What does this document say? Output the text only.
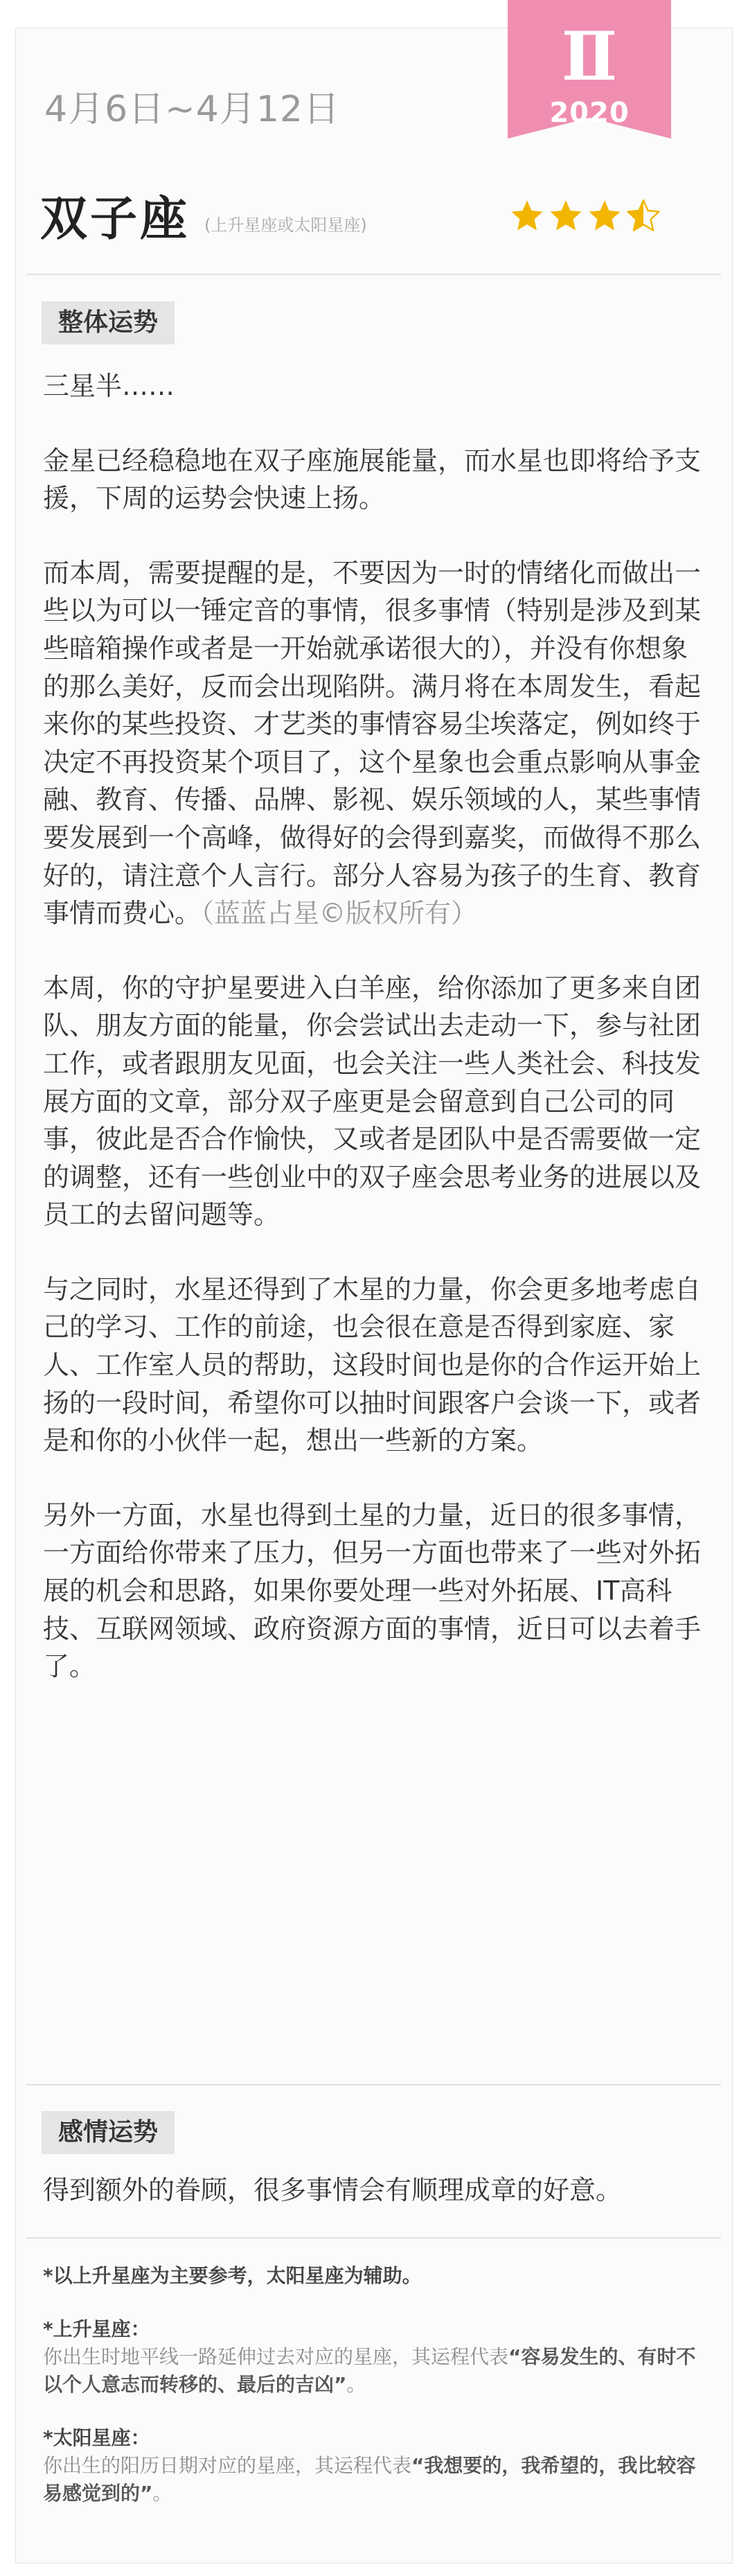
Ⅱ
2020
4月6日~4月12日
双子座 (上升星座或太阳星座)
整体运势

三星半……

金星已经稳稳地在双子座施展能量，而水星也即将给予支援，下周的运势会快速上扬。

而本周，需要提醒的是，不要因为一时的情绪化而做出一些以为可以一锤定音的事情，很多事情（特别是涉及到某些暗箱操作或者是一开始就承诺很大的），并没有你想象的那么美好，反而会出现陷阱。满月将在本周发生，看起来你的某些投资、才艺类的事情容易尘埃落定，例如终于决定不再投资某个项目了，这个星象也会重点影响从事金融、教育、传播、品牌、影视、娱乐领域的人，某些事情要发展到一个高峰，做得好的会得到嘉奖，而做得不那么好的，请注意个人言行。部分人容易为孩子的生育、教育事情而费心。（蓝蓝占星©版权所有）

本周，你的守护星要进入白羊座，给你添加了更多来自团队、朋友方面的能量，你会尝试出去走动一下，参与社团工作，或者跟朋友见面，也会关注一些人类社会、科技发展方面的文章，部分双子座更是会留意到自己公司的同事，彼此是否合作愉快，又或者是团队中是否需要做一定的调整，还有一些创业中的双子座会思考业务的进展以及员工的去留问题等。

与之同时，水星还得到了木星的力量，你会更多地考虑自己的学习、工作的前途，也会很在意是否得到家庭、家人、工作室人员的帮助，这段时间也是你的合作运开始上扬的一段时间，希望你可以抽时间跟客户会谈一下，或者是和你的小伙伴一起，想出一些新的方案。

另外一方面，水星也得到土星的力量，近日的很多事情，一方面给你带来了压力，但另一方面也带来了一些对外拓展的机会和思路，如果你要处理一些对外拓展、IT高科技、互联网领域、政府资源方面的事情，近日可以去着手了。

感情运势

得到额外的眷顾，很多事情会有顺理成章的好意。

*以上升星座为主要参考，太阳星座为辅助。
*上升星座：
你出生时地平线一路延伸过去对应的星座，其运程代表“容易发生的、有时不以个人意志而转移的、最后的吉凶”。
*太阳星座：
你出生的阳历日期对应的星座，其运程代表“我想要的，我希望的，我比较容易感觉到的”。
